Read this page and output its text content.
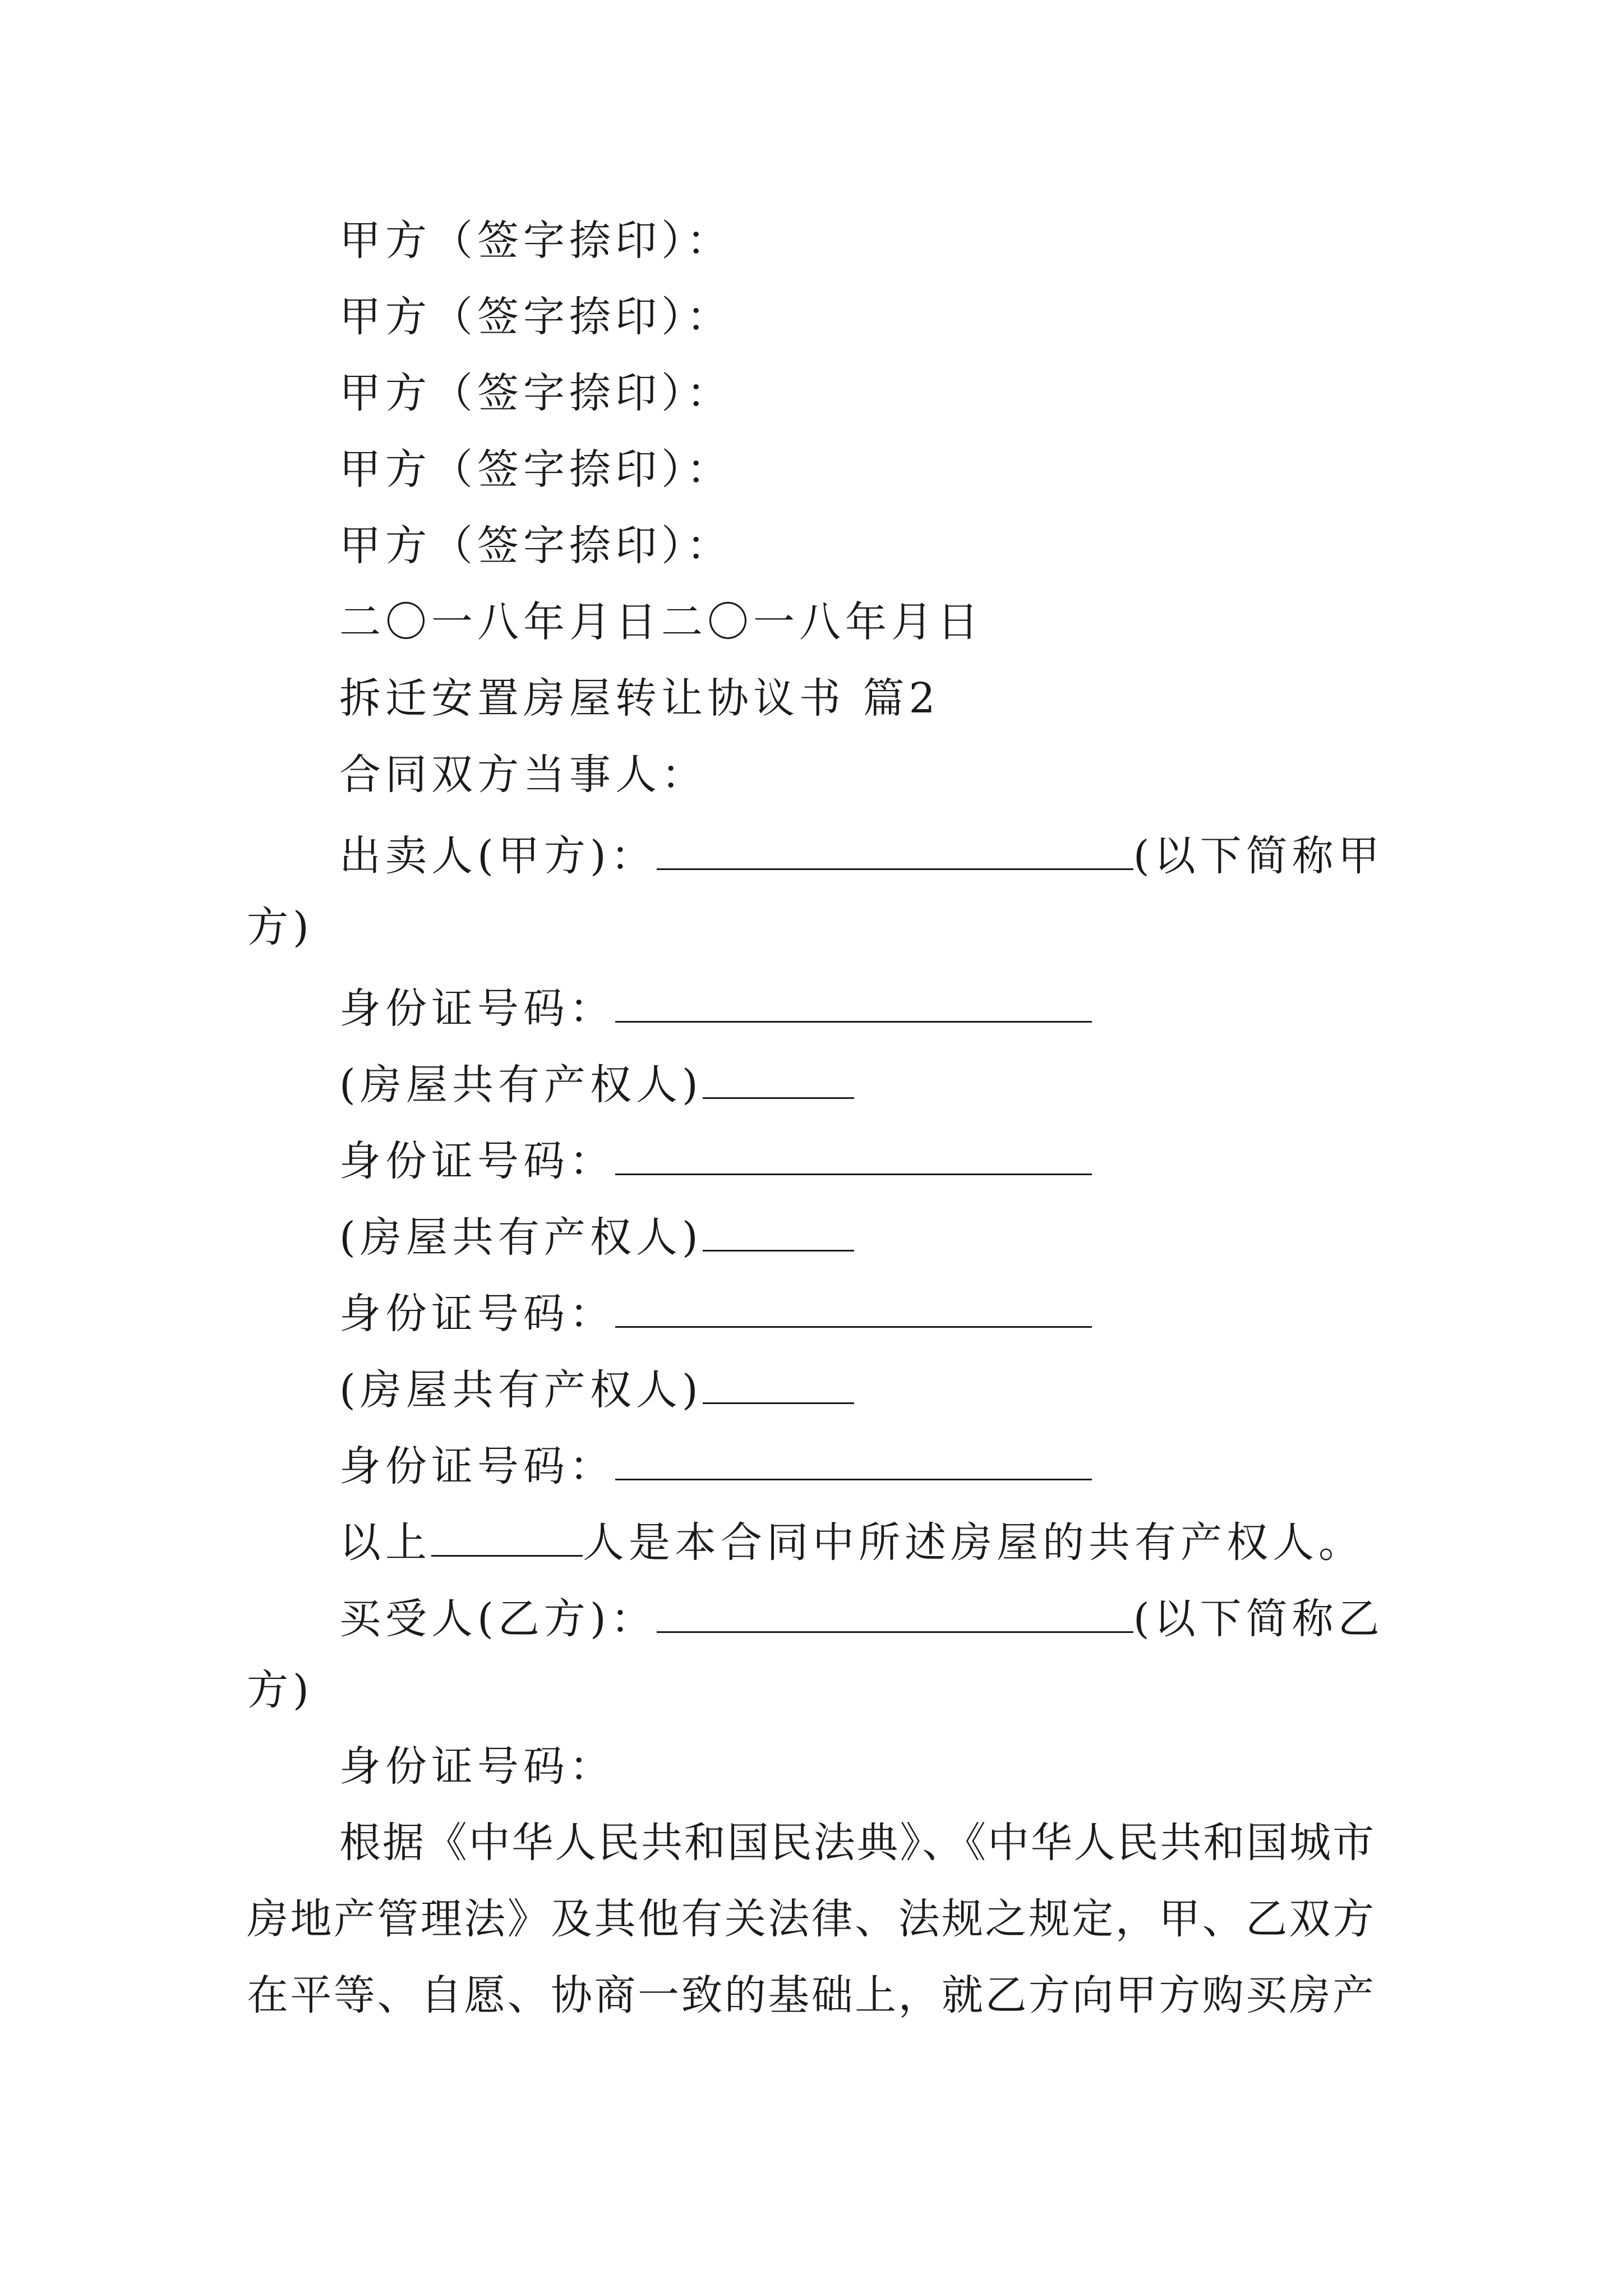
甲方（签字捺印）：
甲方（签字捺印）：
甲方（签字捺印）：
甲方（签字捺印）：
甲方（签字捺印）：
二〇一八年月日二〇一八年月日
拆迁安置房屋转让协议书 篇2
合同双方当事人：
出卖人(甲方)：	(以下简称甲
方)
身份证号码：
(房屋共有产权人)
身份证号码：
(房屋共有产权人)
身份证号码：
(房屋共有产权人)
身份证号码：
以上	人是本合同中所述房屋的共有产权人。
买受人(乙方)：	(以下简称乙
方)
身份证号码：
根据《中华人民共和国民法典》、《中华人民共和国城市
房地产管理法》及其他有关法律、法规之规定，甲、乙双方
在平等、自愿、协商一致的基础上，就乙方向甲方购买房产
